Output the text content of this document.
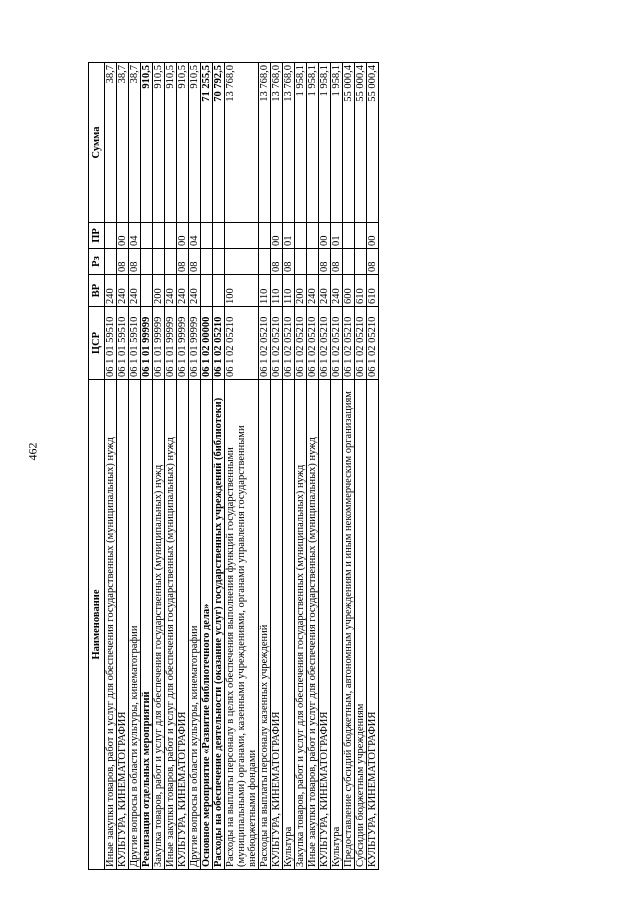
462
Наименование	ЦСР	ВР	Рз	ПР	Сумма
Иные закупки товаров, работ и услуг для обеспечения государственных (муниципальных) нужд	06 1 01 59510	240			38,7
КУЛЬТУРА, КИНЕМАТОГРАФИЯ	06 1 01 59510	240	08	00	38,7
Другие вопросы в области культуры, кинематографии	06 1 01 59510	240	08	04	38,7
Реализация отдельных мероприятий	06 1 01 99999				910,5
Закупка товаров, работ и услуг для обеспечения государственных (муниципальных) нужд	06 1 01 99999	200			910,5
Иные закупки товаров, работ и услуг для обеспечения государственных (муниципальных) нужд	06 1 01 99999	240			910,5
КУЛЬТУРА, КИНЕМАТОГРАФИЯ	06 1 01 99999	240	08	00	910,5
Другие вопросы в области культуры, кинематографии	06 1 01 99999	240	08	04	910,5
Основное мероприятие «Развитие библиотечного дела»	06 1 02 00000				71 255,5
Расходы на обеспечение деятельности (оказание услуг) государственных учреждений (библиотеки)	06 1 02 05210				70 792,5
Расходы на выплаты персоналу в целях обеспечения выполнения функций государственными (муниципальными) органами, казенными учреждениями, органами управления государственными внебюджетными фондами	06 1 02 05210	100			13 768,0
Расходы на выплаты персоналу казенных учреждений	06 1 02 05210	110			13 768,0
КУЛЬТУРА, КИНЕМАТОГРАФИЯ	06 1 02 05210	110	08	00	13 768,0
Культура	06 1 02 05210	110	08	01	13 768,0
Закупка товаров, работ и услуг для обеспечения государственных (муниципальных) нужд	06 1 02 05210	200			1 958,1
Иные закупки товаров, работ и услуг для обеспечения государственных (муниципальных) нужд	06 1 02 05210	240			1 958,1
КУЛЬТУРА, КИНЕМАТОГРАФИЯ	06 1 02 05210	240	08	00	1 958,1
Культура	06 1 02 05210	240	08	01	1 958,1
Предоставление субсидий бюджетным, автономным учреждениям и иным некоммерческим организациям	06 1 02 05210	600			55 000,4
Субсидии бюджетным учреждениям	06 1 02 05210	610			55 000,4
КУЛЬТУРА, КИНЕМАТОГРАФИЯ	06 1 02 05210	610	08	00	55 000,4
